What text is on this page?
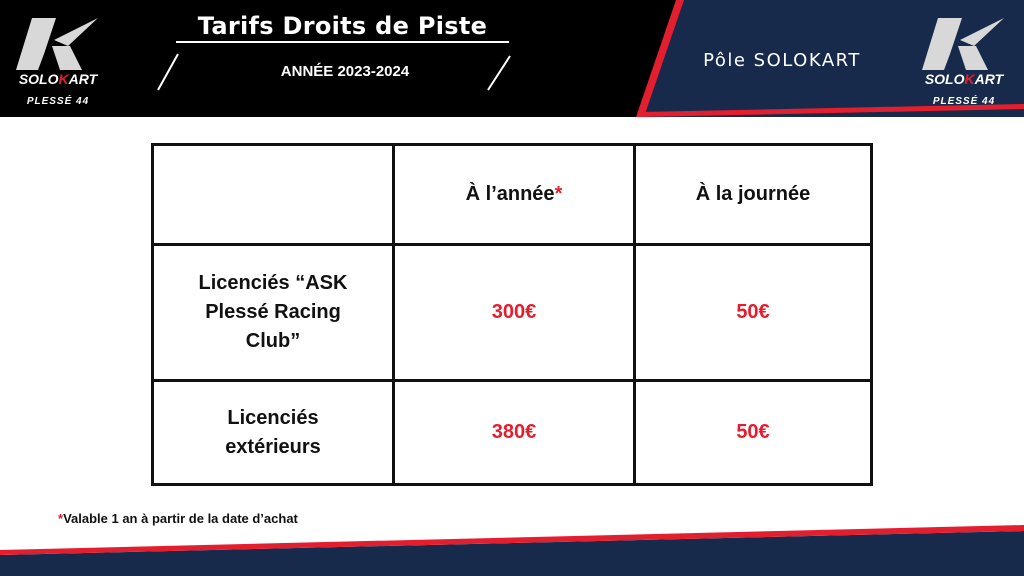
SOLOKART
PLESSÉ 44
Tarifs Droits de Piste
ANNÉE 2023-2024
Pôle SOLOKART
SOLOKART
PLESSÉ 44
	À l’année*	À la journée

Licenciés “ASK
Plessé Racing
Club”	300€	50€

Licenciés
extérieurs	380€	50€
*Valable 1 an à partir de la date d’achat
